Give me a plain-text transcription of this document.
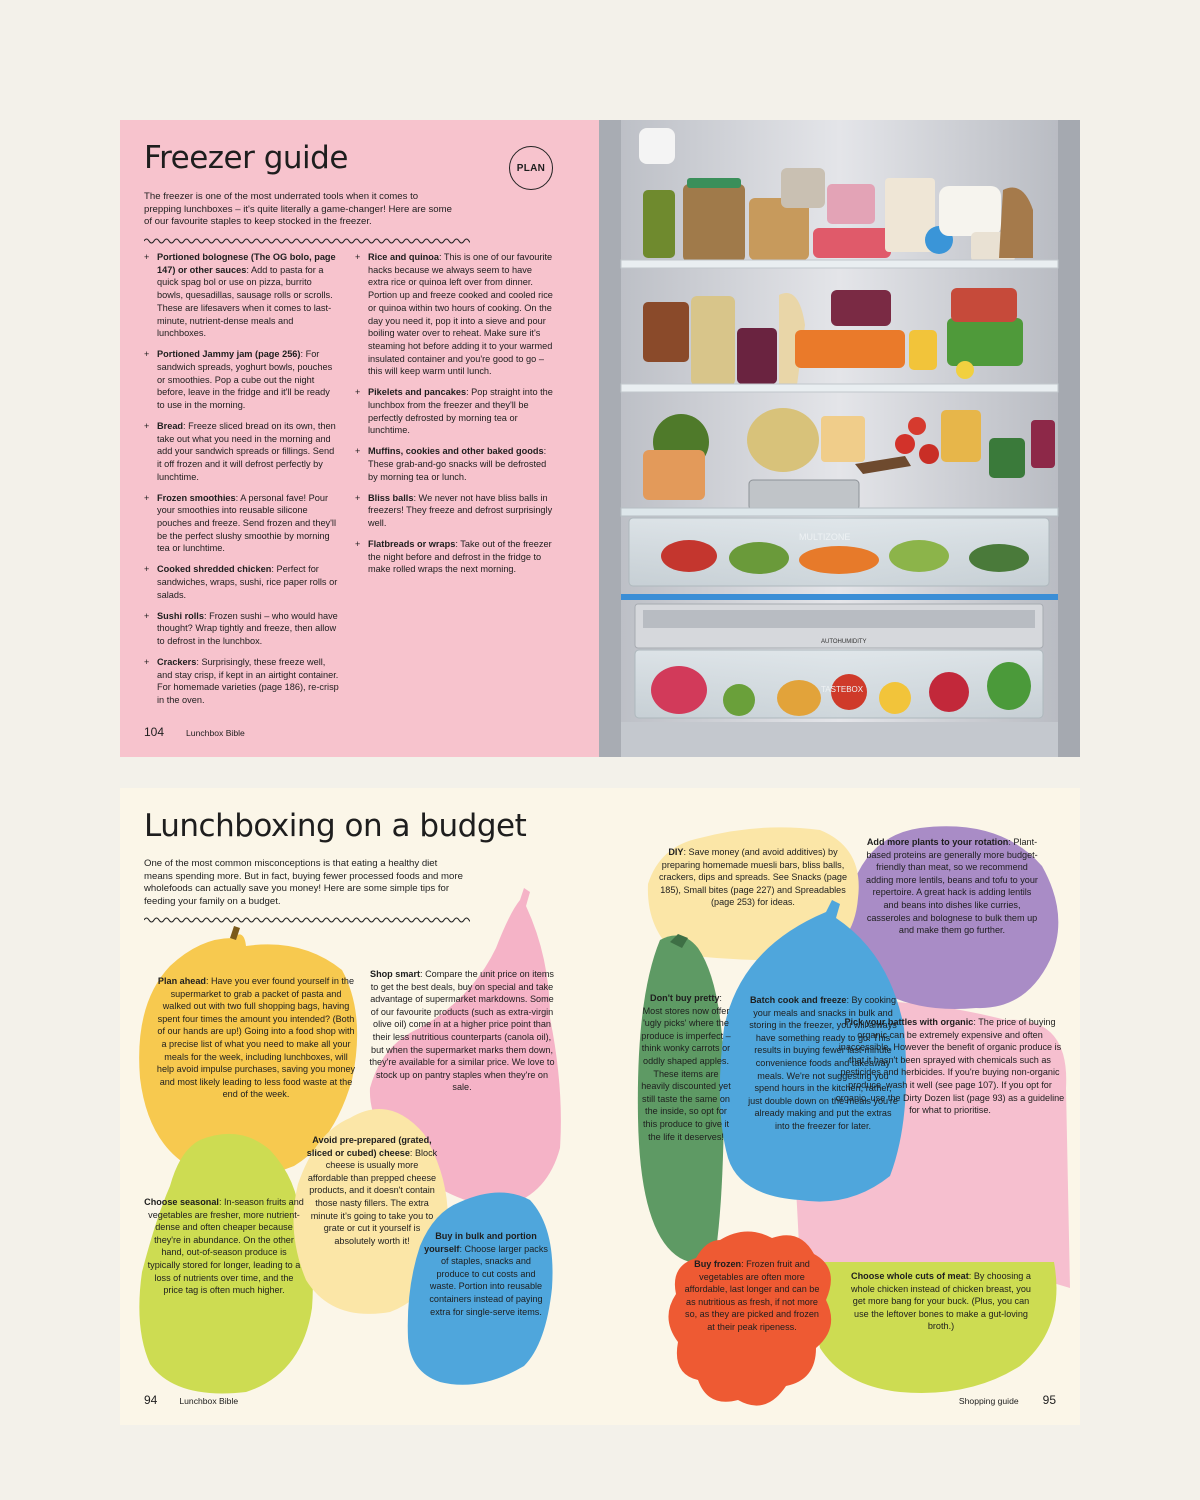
Freezer guide	PLAN

The freezer is one of the most underrated tools when it comes to prepping lunchboxes – it's quite literally a game-changer! Here are some of our favourite staples to keep stocked in the freezer.

+ Portioned bolognese (The OG bolo, page 147) or other sauces: Add to pasta for a quick spag bol or use on pizza, burrito bowls, quesadillas, sausage rolls or scrolls. These are lifesavers when it comes to last-minute, nutrient-dense meals and lunchboxes.
+ Portioned Jammy jam (page 256): For sandwich spreads, yoghurt bowls, pouches or smoothies. Pop a cube out the night before, leave in the fridge and it'll be ready to use in the morning.
+ Bread: Freeze sliced bread on its own, then take out what you need in the morning and add your sandwich spreads or fillings. Send it off frozen and it will defrost perfectly by lunchtime.
+ Frozen smoothies: A personal fave! Pour your smoothies into reusable silicone pouches and freeze. Send frozen and they'll be the perfect slushy smoothie by morning tea or lunchtime.
+ Cooked shredded chicken: Perfect for sandwiches, wraps, sushi, rice paper rolls or salads.
+ Sushi rolls: Frozen sushi – who would have thought? Wrap tightly and freeze, then allow to defrost in the lunchbox.
+ Crackers: Surprisingly, these freeze well, and stay crisp, if kept in an airtight container. For homemade varieties (page 186), re-crisp in the oven.
+ Rice and quinoa: This is one of our favourite hacks because we always seem to have extra rice or quinoa left over from dinner. Portion up and freeze cooked and cooled rice or quinoa within two hours of cooking. On the day you need it, pop it into a sieve and pour boiling water over to reheat. Make sure it's steaming hot before adding it to your warmed insulated container and you're good to go – this will keep warm until lunch.
+ Pikelets and pancakes: Pop straight into the lunchbox from the freezer and they'll be perfectly defrosted by morning tea or lunchtime.
+ Muffins, cookies and other baked goods: These grab-and-go snacks will be defrosted by morning tea or lunch.
+ Bliss balls: We never not have bliss balls in freezers! They freeze and defrost surprisingly well.
+ Flatbreads or wraps: Take out of the freezer the night before and defrost in the fridge to make rolled wraps the next morning.
104	Lunchbox Bible
MULTIZONE
AUTOHUMIDITY
TASTEBOX
Lunchboxing on a budget

One of the most common misconceptions is that eating a healthy diet means spending more. But in fact, buying fewer processed foods and more wholefoods can actually save you money! Here are some simple tips for feeding your family on a budget.

Plan ahead: Have you ever found yourself in the supermarket to grab a packet of pasta and walked out with two full shopping bags, having spent four times the amount you intended? (Both of our hands are up!) Going into a food shop with a precise list of what you need to make all your meals for the week, including lunchboxes, will help avoid impulse purchases, saving you money and most likely leading to less food waste at the end of the week.

Shop smart: Compare the unit price on items to get the best deals, buy on special and take advantage of supermarket markdowns. Some of our favourite products (such as extra-virgin olive oil) come in at a higher price point than their less nutritious counterparts (canola oil), but when the supermarket marks them down, they're available for a similar price. We love to stock up on pantry staples when they're on sale.

Avoid pre-prepared (grated, sliced or cubed) cheese: Block cheese is usually more affordable than prepped cheese products, and it doesn't contain those nasty fillers. The extra minute it's going to take you to grate or cut it yourself is absolutely worth it!

Choose seasonal: In-season fruits and vegetables are fresher, more nutrient-dense and often cheaper because they're in abundance. On the other hand, out-of-season produce is typically stored for longer, leading to a loss of nutrients over time, and the price tag is often much higher.

Buy in bulk and portion yourself: Choose larger packs of staples, snacks and produce to cut costs and waste. Portion into reusable containers instead of paying extra for single-serve items.

DIY: Save money (and avoid additives) by preparing homemade muesli bars, bliss balls, crackers, dips and spreads. See Snacks (page 185), Small bites (page 227) and Spreadables (page 253) for ideas.

Add more plants to your rotation: Plant-based proteins are generally more budget-friendly than meat, so we recommend adding more lentils, beans and tofu to your repertoire. A great hack is adding lentils and beans into dishes like curries, casseroles and bolognese to bulk them up and make them go further.

Don't buy pretty: Most stores now offer 'ugly picks' where the produce is imperfect – think wonky carrots or oddly shaped apples. These items are heavily discounted yet still taste the same on the inside, so opt for this produce to give it the life it deserves!

Batch cook and freeze: By cooking your meals and snacks in bulk and storing in the freezer, you will always have something ready to go. This results in buying fewer last-minute convenience foods and takeaway meals. We're not suggesting you spend hours in the kitchen; rather, just double down on the meals you're already making and put the extras into the freezer for later.

Pick your battles with organic: The price of buying organic can be extremely expensive and often inaccessible. However the benefit of organic produce is that it hasn't been sprayed with chemicals such as pesticides and herbicides. If you're buying non-organic produce, wash it well (see page 107). If you opt for organic, use the Dirty Dozen list (page 93) as a guideline for what to prioritise.

Buy frozen: Frozen fruit and vegetables are often more affordable, last longer and can be as nutritious as fresh, if not more so, as they are picked and frozen at their peak ripeness.

Choose whole cuts of meat: By choosing a whole chicken instead of chicken breast, you get more bang for your buck. (Plus, you can use the leftover bones to make a gut-loving broth.)

94	Lunchbox Bible	Shopping guide 95
